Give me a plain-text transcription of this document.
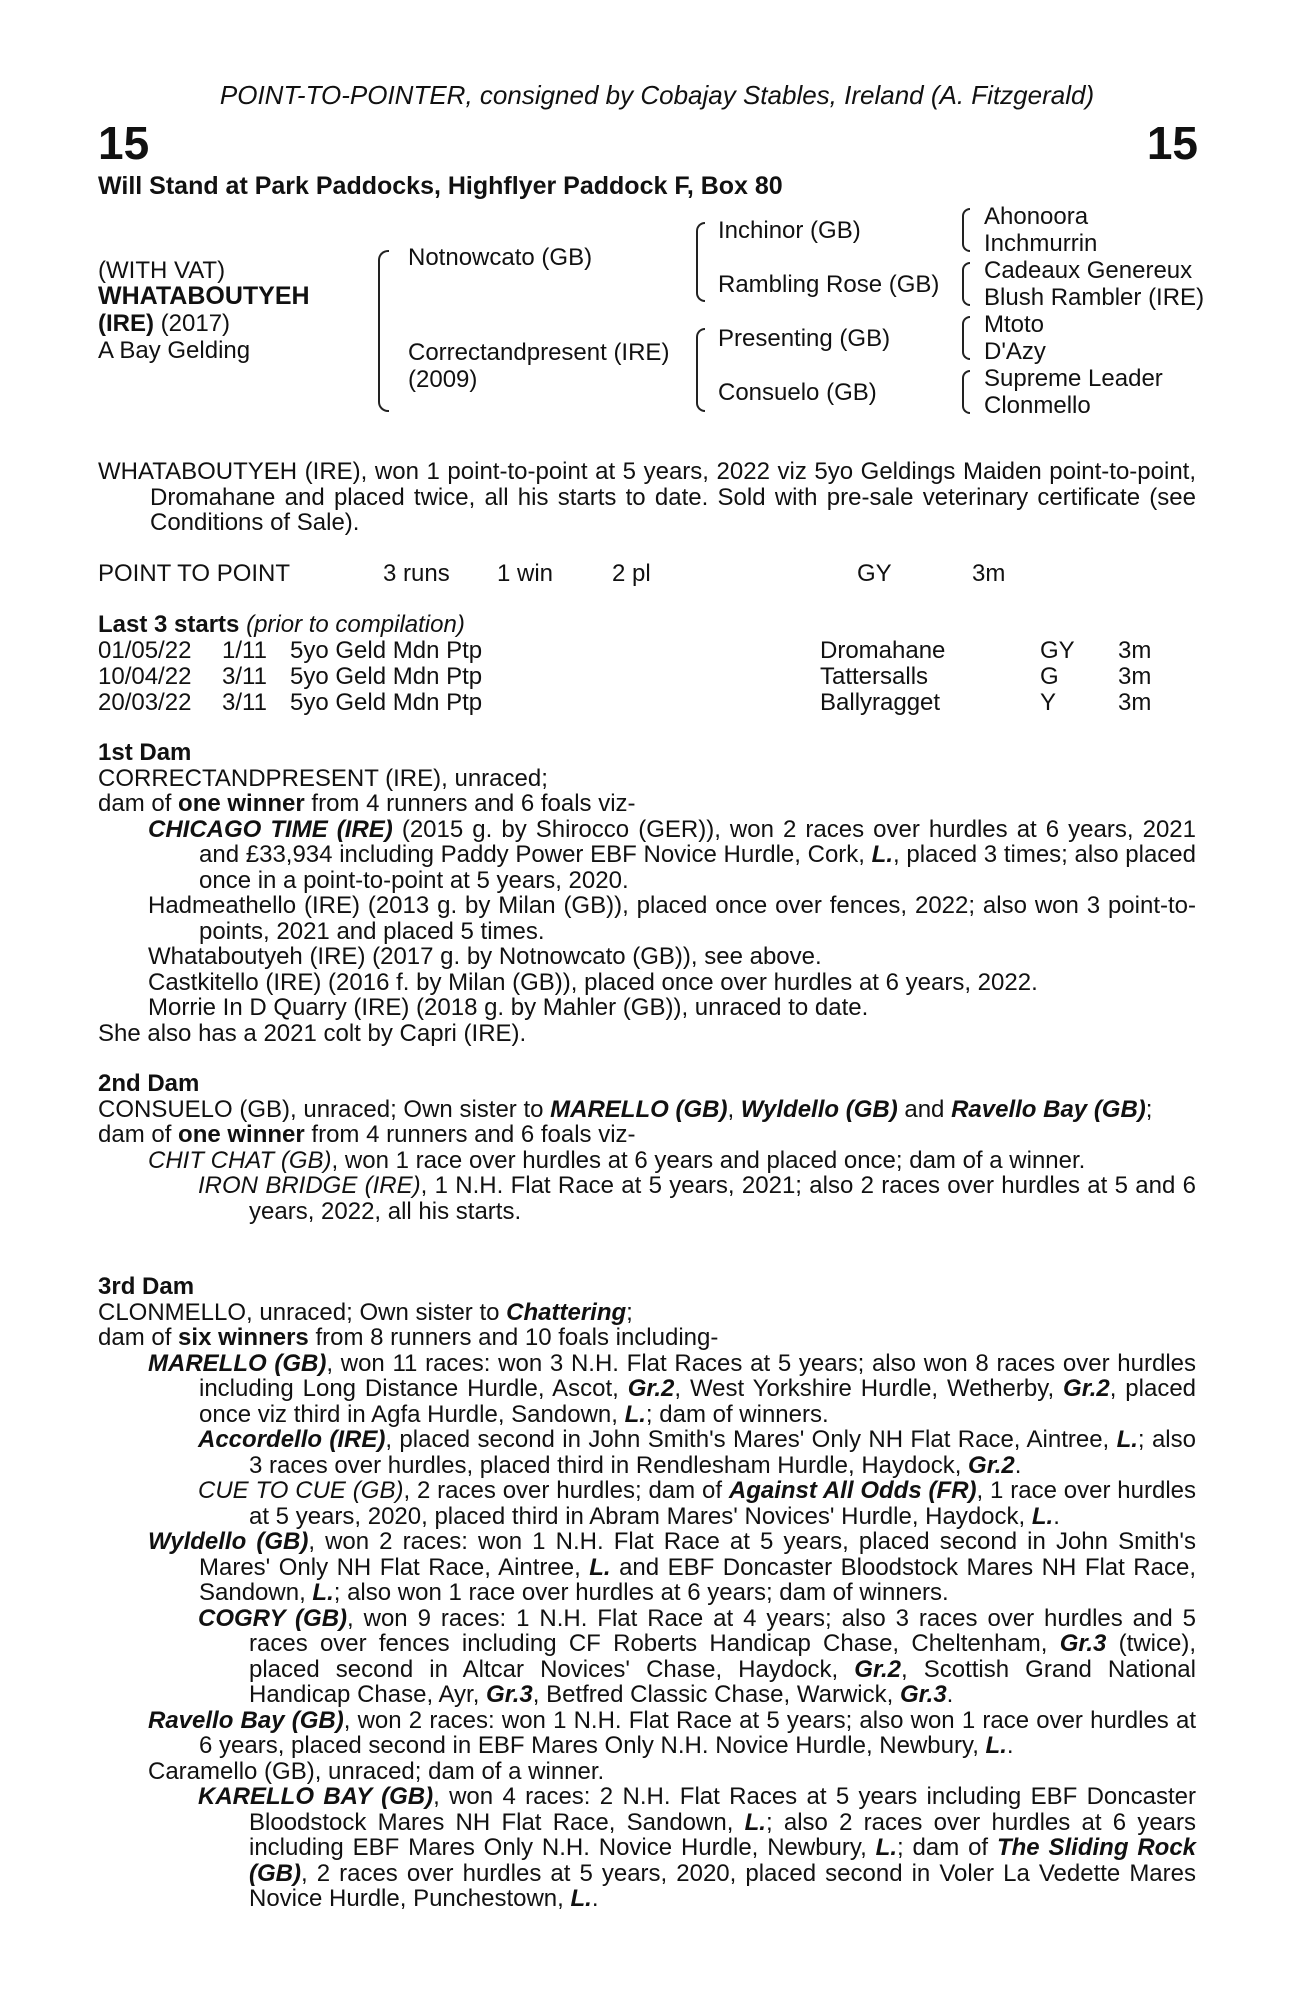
POINT-TO-POINTER, consigned by Cobajay Stables, Ireland (A. Fitzgerald)
15	15
Will Stand at Park Paddocks, Highflyer Paddock F, Box 80
(WITH VAT)
WHATABOUTYEH
(IRE) (2017)
A Bay Gelding
Notnowcato (GB)
Correctandpresent (IRE)
(2009)
Inchinor (GB)
Rambling Rose (GB)
Presenting (GB)
Consuelo (GB)
Ahonoora
Inchmurrin
Cadeaux Genereux
Blush Rambler (IRE)
Mtoto
D'Azy
Supreme Leader
Clonmello

WHATABOUTYEH (IRE), won 1 point-to-point at 5 years, 2022 viz 5yo Geldings Maiden point-to-point, Dromahane and placed twice, all his starts to date. Sold with pre-sale veterinary certificate (see Conditions of Sale).

POINT TO POINT	3 runs 1 win 2 pl	GY	3m
Last 3 starts (prior to compilation)
01/05/22 1/11 5yo Geld Mdn Ptp	Dromahane	GY 3m
10/04/22 3/11 5yo Geld Mdn Ptp	Tattersalls	G 3m
20/03/22 3/11 5yo Geld Mdn Ptp	Ballyragget	Y	3m

1st Dam

CORRECTANDPRESENT (IRE), unraced;

dam of one winner from 4 runners and 6 foals viz-

CHICAGO TIME (IRE) (2015 g. by Shirocco (GER)), won 2 races over hurdles at 6 years, 2021 and £33,934 including Paddy Power EBF Novice Hurdle, Cork, L., placed 3 times; also placed once in a point-to-point at 5 years, 2020.

Hadmeathello (IRE) (2013 g. by Milan (GB)), placed once over fences, 2022; also won 3 point-to-points, 2021 and placed 5 times.

Whataboutyeh (IRE) (2017 g. by Notnowcato (GB)), see above.

Castkitello (IRE) (2016 f. by Milan (GB)), placed once over hurdles at 6 years, 2022.

Morrie In D Quarry (IRE) (2018 g. by Mahler (GB)), unraced to date.

She also has a 2021 colt by Capri (IRE).

2nd Dam

CONSUELO (GB), unraced; Own sister to MARELLO (GB), Wyldello (GB) and Ravello Bay (GB);

dam of one winner from 4 runners and 6 foals viz-

CHIT CHAT (GB), won 1 race over hurdles at 6 years and placed once; dam of a winner.

IRON BRIDGE (IRE), 1 N.H. Flat Race at 5 years, 2021; also 2 races over hurdles at 5 and 6 years, 2022, all his starts.

3rd Dam

CLONMELLO, unraced; Own sister to Chattering;

dam of six winners from 8 runners and 10 foals including-

MARELLO (GB), won 11 races: won 3 N.H. Flat Races at 5 years; also won 8 races over hurdles including Long Distance Hurdle, Ascot, Gr.2, West Yorkshire Hurdle, Wetherby, Gr.2, placed once viz third in Agfa Hurdle, Sandown, L.; dam of winners.

Accordello (IRE), placed second in John Smith's Mares' Only NH Flat Race, Aintree, L.; also 3 races over hurdles, placed third in Rendlesham Hurdle, Haydock, Gr.2.

CUE TO CUE (GB), 2 races over hurdles; dam of Against All Odds (FR), 1 race over hurdles at 5 years, 2020, placed third in Abram Mares' Novices' Hurdle, Haydock, L..

Wyldello (GB), won 2 races: won 1 N.H. Flat Race at 5 years, placed second in John Smith's Mares' Only NH Flat Race, Aintree, L. and EBF Doncaster Bloodstock Mares NH Flat Race, Sandown, L.; also won 1 race over hurdles at 6 years; dam of winners.

COGRY (GB), won 9 races: 1 N.H. Flat Race at 4 years; also 3 races over hurdles and 5 races over fences including CF Roberts Handicap Chase, Cheltenham, Gr.3 (twice), placed second in Altcar Novices' Chase, Haydock, Gr.2, Scottish Grand National Handicap Chase, Ayr, Gr.3, Betfred Classic Chase, Warwick, Gr.3.

Ravello Bay (GB), won 2 races: won 1 N.H. Flat Race at 5 years; also won 1 race over hurdles at 6 years, placed second in EBF Mares Only N.H. Novice Hurdle, Newbury, L..

Caramello (GB), unraced; dam of a winner.

KARELLO BAY (GB), won 4 races: 2 N.H. Flat Races at 5 years including EBF Doncaster Bloodstock Mares NH Flat Race, Sandown, L.; also 2 races over hurdles at 6 years including EBF Mares Only N.H. Novice Hurdle, Newbury, L.; dam of The Sliding Rock (GB), 2 races over hurdles at 5 years, 2020, placed second in Voler La Vedette Mares Novice Hurdle, Punchestown, L..
